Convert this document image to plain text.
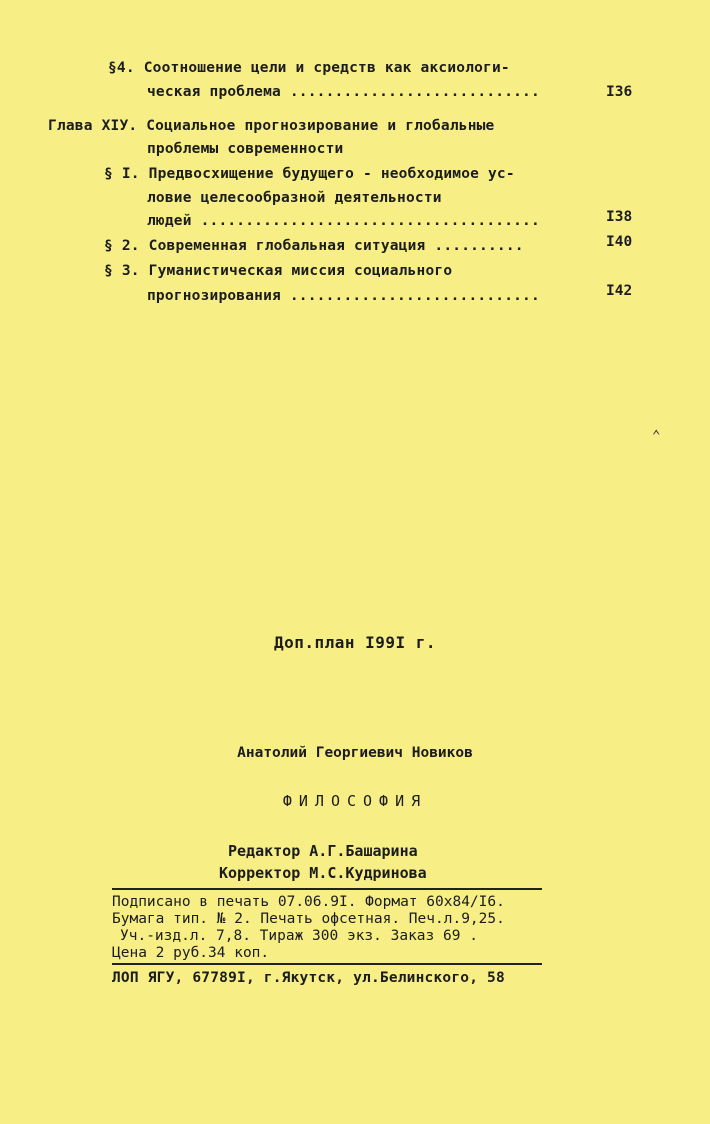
§4. Соотношение цели и средств как аксиологи-
ческая проблема ............................	I36
Глава XIУ. Социальное прогнозирование и глобальные
проблемы современности
§ I. Предвосхищение будущего - необходимое ус-
ловие целесообразной деятельности
людей ......................................	I38
§ 2. Современная глобальная ситуация ..........	I40
§ 3. Гуманистическая миссия социального
прогнозирования ............................	I42
⌃
Доп.план I99I г.
Анатолий Георгиевич Новиков
ФИЛОСОФИЯ
Редактор А.Г.Башарина
Корректор М.С.Кудринова
Подписано в печать 07.06.9I. Формат 60х84/I6.
Бумага тип. № 2. Печать офсетная. Печ.л.9,25.
Уч.-изд.л. 7,8. Тираж 300 экз. Заказ 69 .
Цена 2 руб.34 коп.
ЛОП ЯГУ, 67789I, г.Якутск, ул.Белинского, 58
